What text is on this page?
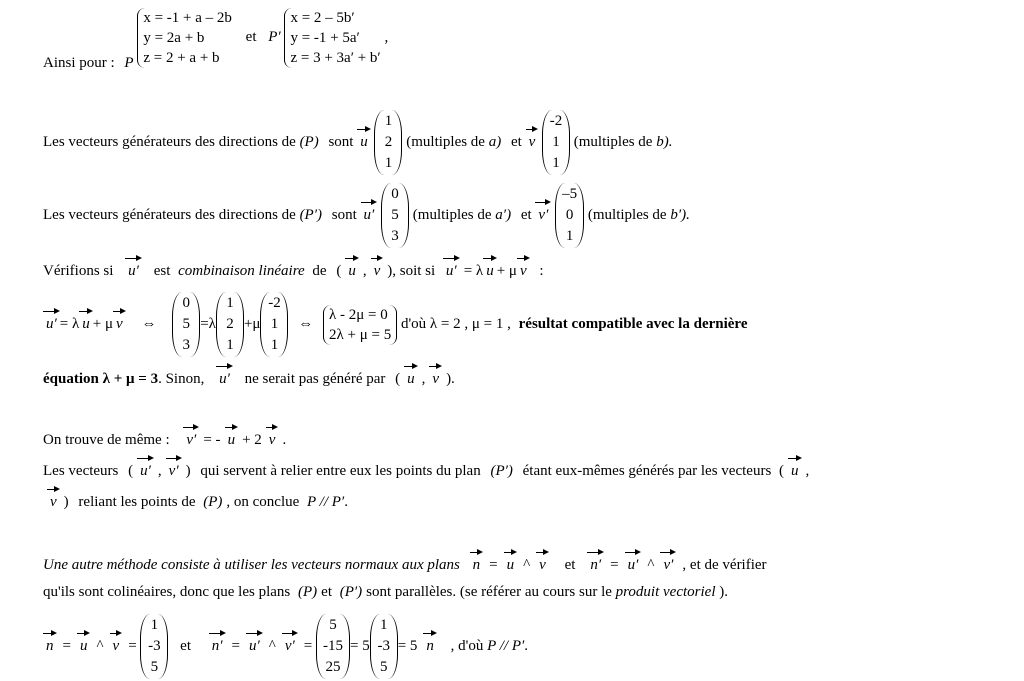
Ainsi pour : P
x = -1 + a – 2b
y = 2a + b
z = 2 + a + b
et P′
x = 2 – 5b′
y = -1 + 5a′
z = 3 + 3a′ + b′
,
Les vecteurs générateurs des directions de (P) sont u
1
2
1
(multiples de a) et v
-2
1
1
(multiples de b).
Les vecteurs générateurs des directions de (P′) sont u′
0
5
3
(multiples de a′) et v′
–5
0
1
(multiples de b′).
Vérifions si u′ est combinaison linéaire de ( u , v ), soit si u′ = λ u + μ v :
u′ = λ u + μ v ⇔
0
5
3
=λ
1
2
1
+μ
-2
1
1
⇔
λ - 2μ = 0
2λ + μ = 5
d'où λ = 2 , μ = 1 , résultat compatible avec la dernière
équation λ + μ = 3. Sinon, u′ ne serait pas généré par ( u , v ).
On trouve de même : v′ = - u + 2 v .
Les vecteurs ( u′ , v′ ) qui servent à relier entre eux les points du plan (P′) étant eux-mêmes générés par les vecteurs ( u ,
v ) reliant les points de (P) , on conclue P // P′.
Une autre méthode consiste à utiliser les vecteurs normaux aux plans n = u ^ v et n′ = u′ ^ v′ , et de vérifier
qu'ils sont colinéaires, donc que les plans (P) et (P′) sont parallèles. (se référer au cours sur le produit vectoriel ).
n = u ^ v =
1
-3
5
et n′ = u′ ^ v′ =
5
-15
25
= 5
1
-3
5
= 5 n , d'où P // P′.
